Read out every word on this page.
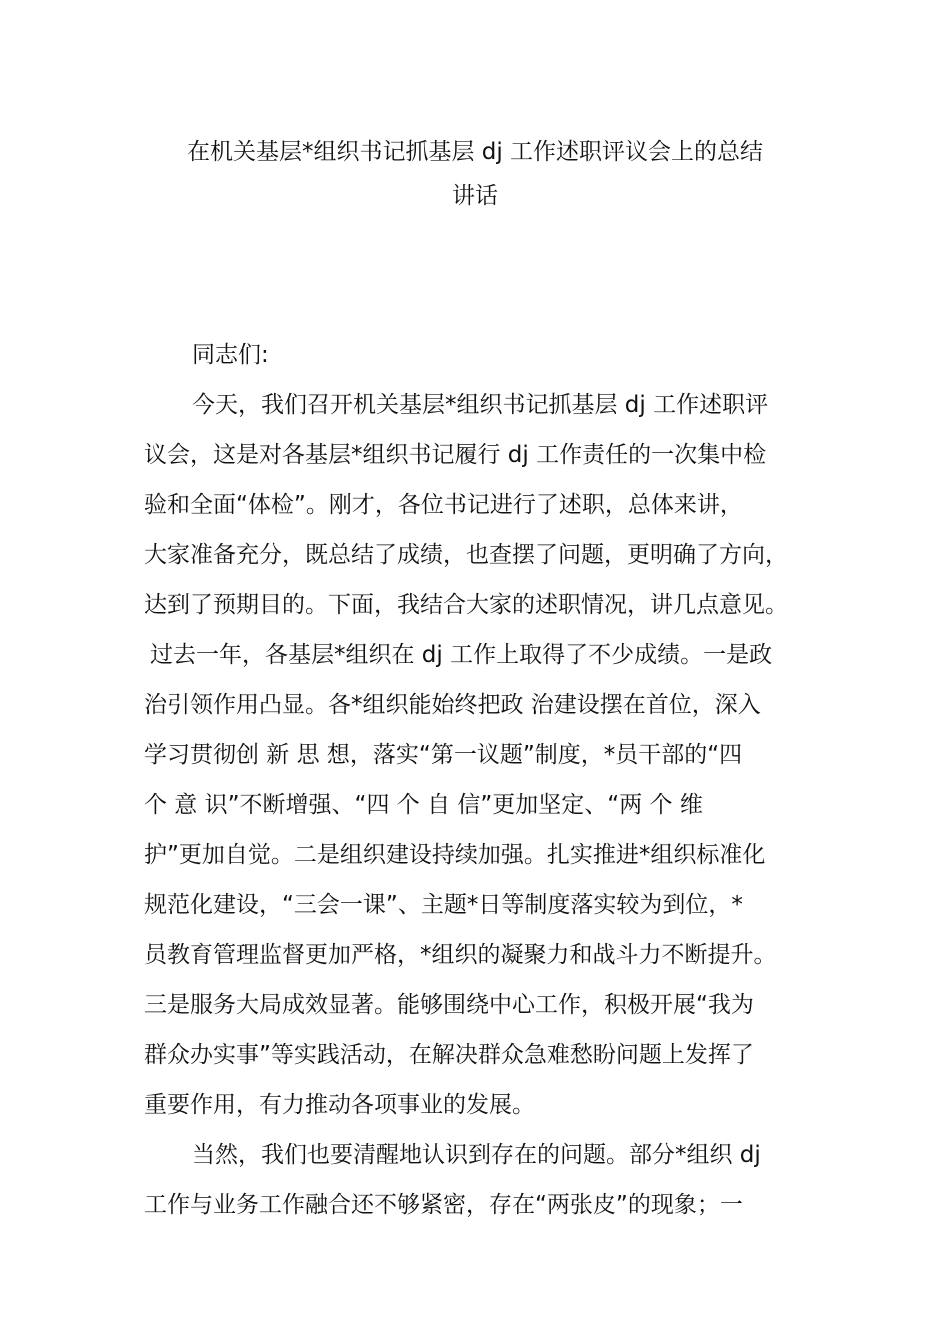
在机关基层*组织书记抓基层 dj 工作述职评议会上的总结
讲话
同志们:
今天，我们召开机关基层*组织书记抓基层 dj 工作述职评
议会，这是对各基层*组织书记履行 dj 工作责任的一次集中检
验和全面“体检”。刚才，各位书记进行了述职，总体来讲，
大家准备充分，既总结了成绩，也查摆了问题，更明确了方向，
达到了预期目的。下面，我结合大家的述职情况，讲几点意见。
过去一年，各基层*组织在 dj 工作上取得了不少成绩。一是政
治引领作用凸显。各*组织能始终把政 治建设摆在首位，深入
学习贯彻创 新 思 想，落实“第一议题”制度，*员干部的“四
个 意 识”不断增强、“四 个 自 信”更加坚定、“两 个 维
护”更加自觉。二是组织建设持续加强。扎实推进*组织标准化
规范化建设，“三会一课”、主题*日等制度落实较为到位，*
员教育管理监督更加严格，*组织的凝聚力和战斗力不断提升。
三是服务大局成效显著。能够围绕中心工作，积极开展“我为
群众办实事”等实践活动，在解决群众急难愁盼问题上发挥了
重要作用，有力推动各项事业的发展。
当然，我们也要清醒地认识到存在的问题。部分*组织 dj
工作与业务工作融合还不够紧密，存在“两张皮”的现象；一
